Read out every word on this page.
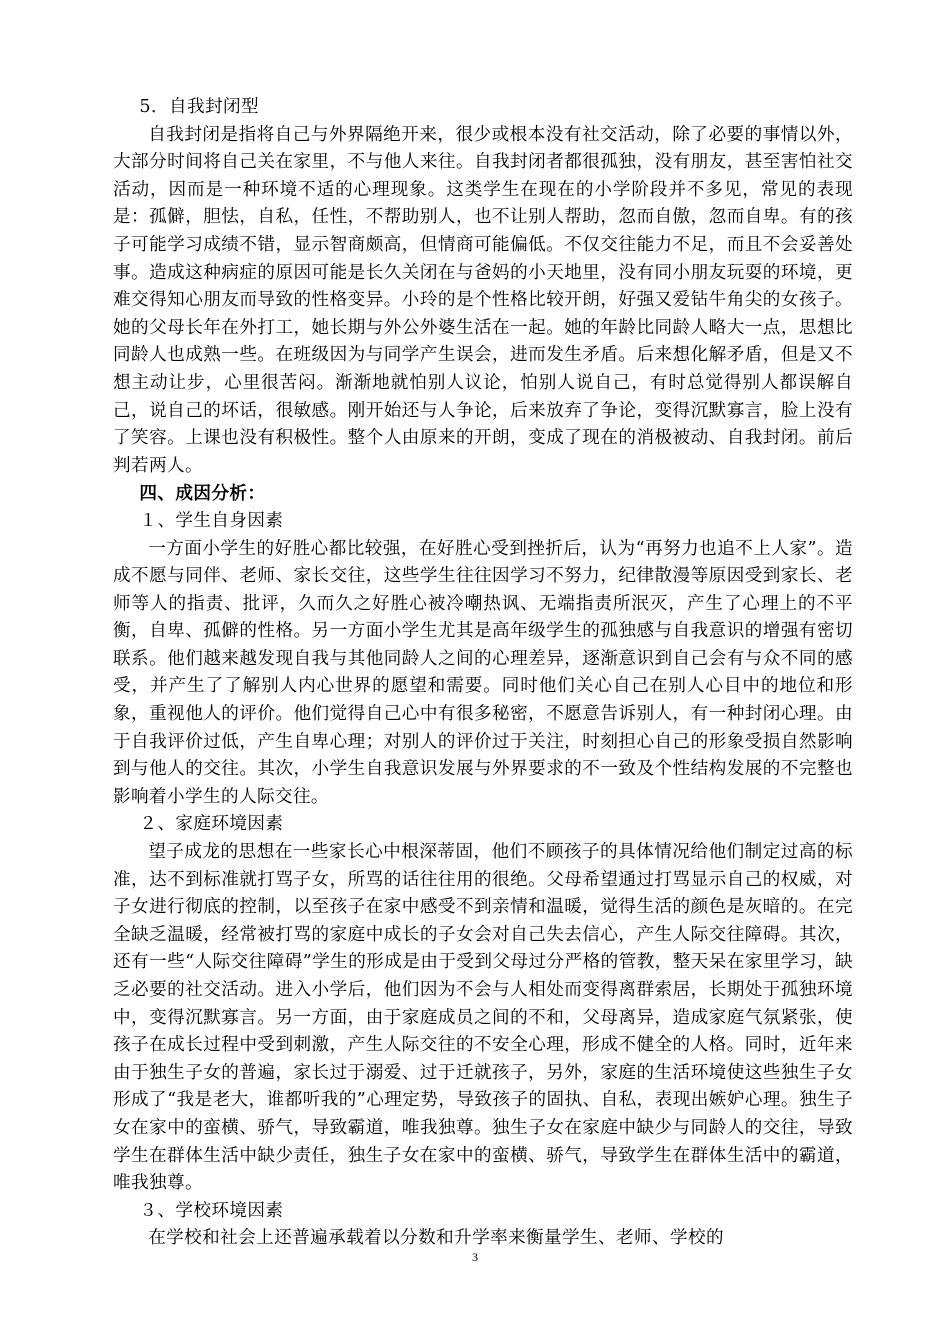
5．自我封闭型

自我封闭是指将自己与外界隔绝开来，很少或根本没有社交活动，除了必要的事情以外，大部分时间将自己关在家里，不与他人来往。自我封闭者都很孤独，没有朋友，甚至害怕社交活动，因而是一种环境不适的心理现象。这类学生在现在的小学阶段并不多见，常见的表现是：孤僻，胆怯，自私，任性，不帮助别人，也不让别人帮助，忽而自傲，忽而自卑。有的孩子可能学习成绩不错，显示智商颇高，但情商可能偏低。不仅交往能力不足，而且不会妥善处事。造成这种病症的原因可能是长久关闭在与爸妈的小天地里，没有同小朋友玩耍的环境，更难交得知心朋友而导致的性格变异。小玲的是个性格比较开朗，好强又爱钻牛角尖的女孩子。她的父母长年在外打工，她长期与外公外婆生活在一起。她的年龄比同龄人略大一点，思想比同龄人也成熟一些。在班级因为与同学产生误会，进而发生矛盾。后来想化解矛盾，但是又不想主动让步，心里很苦闷。渐渐地就怕别人议论，怕别人说自己，有时总觉得别人都误解自己，说自己的坏话，很敏感。刚开始还与人争论，后来放弃了争论，变得沉默寡言，脸上没有了笑容。上课也没有积极性。整个人由原来的开朗，变成了现在的消极被动、自我封闭。前后判若两人。

四、成因分析：

１、学生自身因素

一方面小学生的好胜心都比较强，在好胜心受到挫折后，认为“再努力也追不上人家”。造成不愿与同伴、老师、家长交往，这些学生往往因学习不努力，纪律散漫等原因受到家长、老师等人的指责、批评，久而久之好胜心被冷嘲热讽、无端指责所泯灭，产生了心理上的不平衡，自卑、孤僻的性格。另一方面小学生尤其是高年级学生的孤独感与自我意识的增强有密切联系。他们越来越发现自我与其他同龄人之间的心理差异，逐渐意识到自己会有与众不同的感受，并产生了了解别人内心世界的愿望和需要。同时他们关心自己在别人心目中的地位和形象，重视他人的评价。他们觉得自己心中有很多秘密，不愿意告诉别人，有一种封闭心理。由于自我评价过低，产生自卑心理；对别人的评价过于关注，时刻担心自己的形象受损自然影响到与他人的交往。其次，小学生自我意识发展与外界要求的不一致及个性结构发展的不完整也影响着小学生的人际交往。

２、家庭环境因素

望子成龙的思想在一些家长心中根深蒂固，他们不顾孩子的具体情况给他们制定过高的标准，达不到标准就打骂子女，所骂的话往往用的很绝。父母希望通过打骂显示自己的权威，对子女进行彻底的控制，以至孩子在家中感受不到亲情和温暖，觉得生活的颜色是灰暗的。在完全缺乏温暖，经常被打骂的家庭中成长的子女会对自己失去信心，产生人际交往障碍。其次，还有一些“人际交往障碍”学生的形成是由于受到父母过分严格的管教，整天呆在家里学习，缺乏必要的社交活动。进入小学后，他们因为不会与人相处而变得离群索居，长期处于孤独环境中，变得沉默寡言。另一方面，由于家庭成员之间的不和，父母离异，造成家庭气氛紧张，使孩子在成长过程中受到刺激，产生人际交往的不安全心理，形成不健全的人格。同时，近年来由于独生子女的普遍，家长过于溺爱、过于迁就孩子，另外，家庭的生活环境使这些独生子女形成了“我是老大，谁都听我的”心理定势，导致孩子的固执、自私，表现出嫉妒心理。独生子女在家中的蛮横、骄气，导致霸道，唯我独尊。独生子女在家庭中缺少与同龄人的交往，导致学生在群体生活中缺少责任，独生子女在家中的蛮横、骄气，导致学生在群体生活中的霸道，唯我独尊。

３、学校环境因素

在学校和社会上还普遍承载着以分数和升学率来衡量学生、老师、学校的

3
